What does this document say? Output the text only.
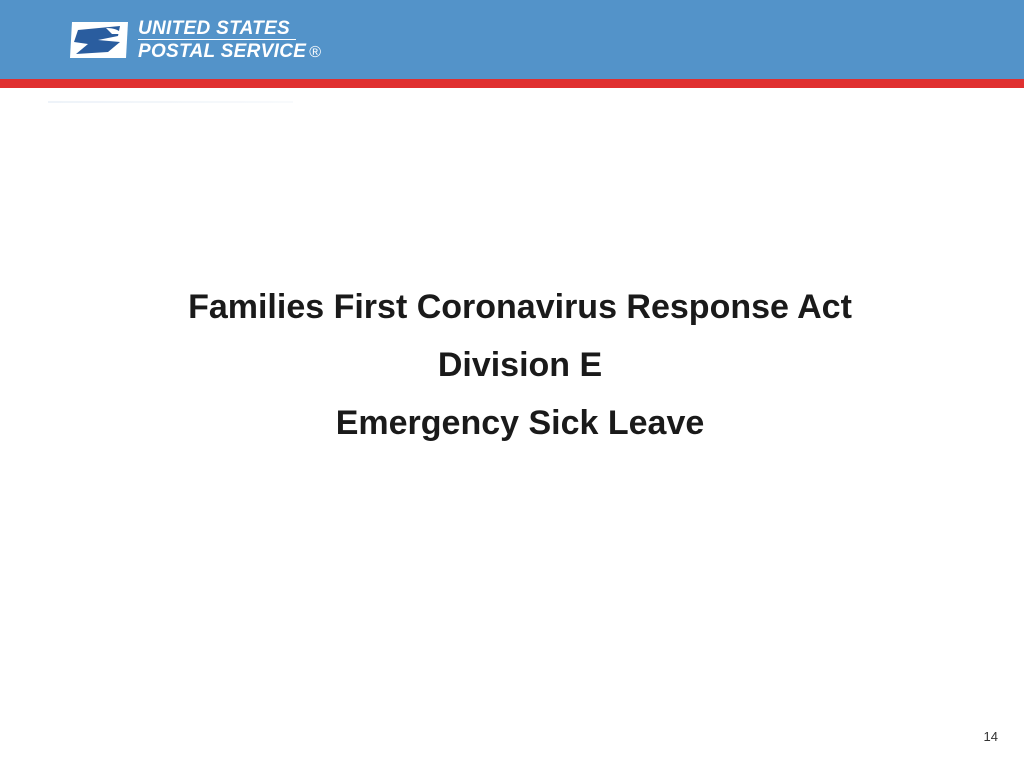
UNITED STATES
POSTAL SERVICE ®
Families First Coronavirus Response Act
Division E
Emergency Sick Leave
14
